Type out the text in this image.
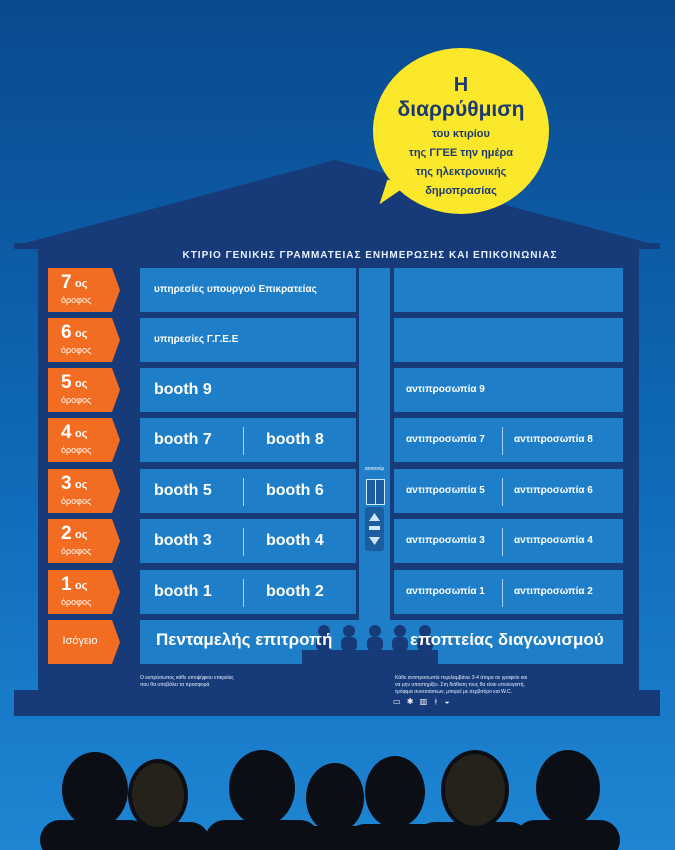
Η
διαρρύθμιση
του κτιρίου
της ΓΓΕΕ την ημέρα
της ηλεκτρονικής
δημοπρασίας
ΚΤΙΡΙΟ ΓΕΝΙΚΗΣ ΓΡΑΜΜΑΤΕΙΑΣ ΕΝΗΜΕΡΩΣΗΣ ΚΑΙ ΕΠΙΚΟΙΝΩΝΙΑΣ
ασανσέρ
7 ος
όροφος
υπηρεσίες υπουργού Επικρατείας
6 ος
όροφος
υπηρεσίες Γ.Γ.Ε.Ε
5 ος
όροφος
booth 9	αντιπροσωπία 9
4 ος
όροφος
booth 7	booth 8	αντιπροσωπία 7	αντιπροσωπία 8
3 ος
όροφος
booth 5	booth 6	αντιπροσωπία 5	αντιπροσωπία 6
2 ος
όροφος
booth 3	booth 4	αντιπροσωπία 3	αντιπροσωπία 4
1 ος
όροφος
booth 1	booth 2	αντιπροσωπία 1	αντιπροσωπία 2
Ισόγειο	Πενταμελής επιτροπή	εποπτείας διαγωνισμού
Ο εκπρόσωπος κάθε υποψήφιου εταιρείας
που θα υποβάλει τα προσφορά
Κάθε αντιπροσωπία περιλαμβάνει 3-4 άτομα σε γραφείο και
να μην υποστηρίξει. Στη διάθεση τους θα είναι υπολογιστή,
τρόφιμα συνεσιάσεων, μπορεί με σερβιτόρο και W.C.
▭ ✱ ▥ ᚼ ◒
